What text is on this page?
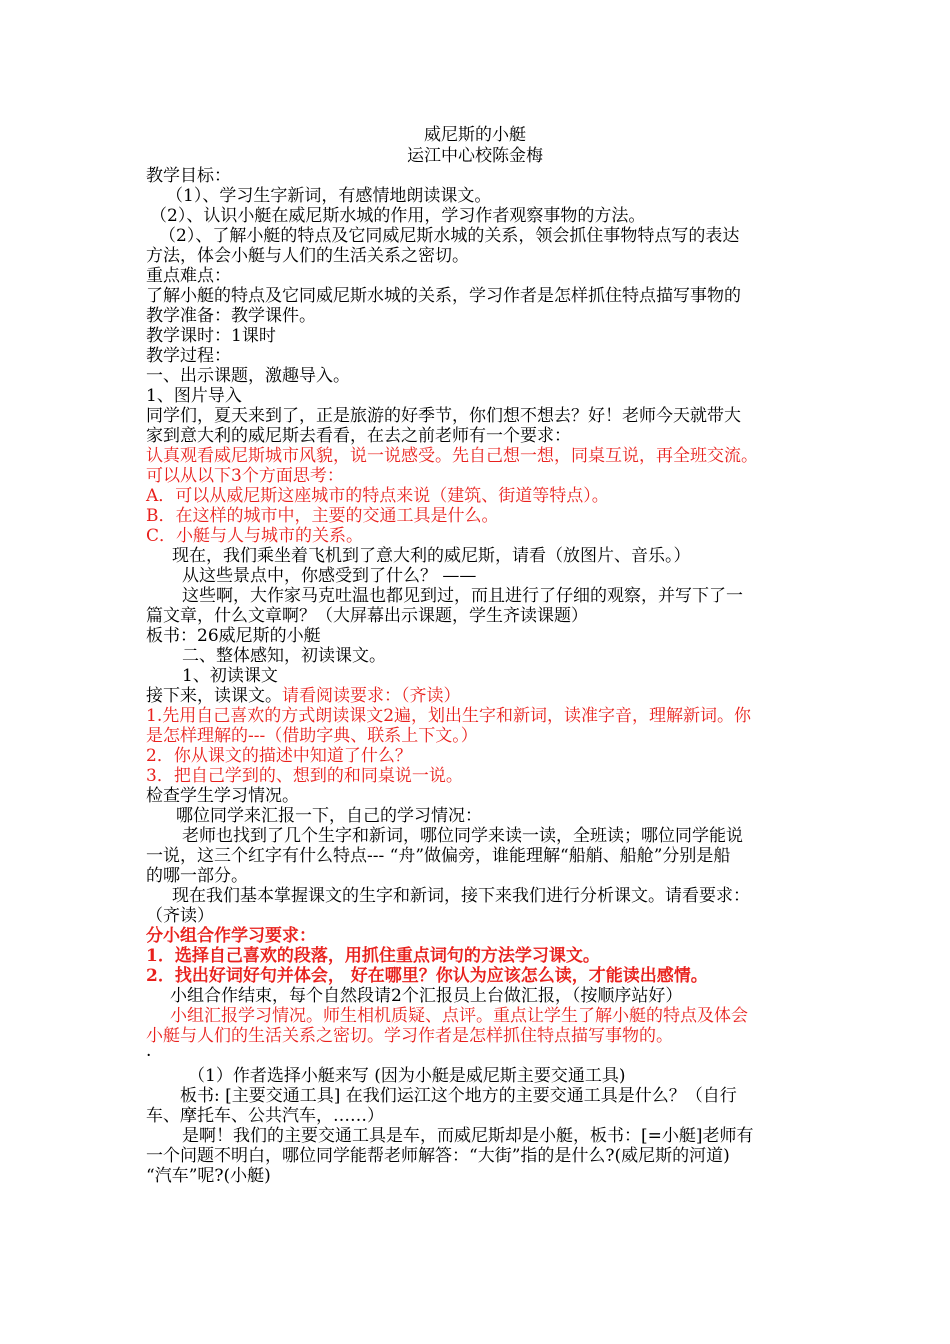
威尼斯的小艇

运江中心校陈金梅

教学目标：

（1）、学习生字新词，有感情地朗读课文。

（2）、认识小艇在威尼斯水城的作用，学习作者观察事物的方法。

（2）、了解小艇的特点及它同威尼斯水城的关系，领会抓住事物特点写的表达

方法，体会小艇与人们的生活关系之密切。

重点难点：

了解小艇的特点及它同威尼斯水城的关系，学习作者是怎样抓住特点描写事物的

教学准备：教学课件。

教学课时：1课时

教学过程：

一、出示课题，激趣导入。

1、图片导入

同学们，夏天来到了，正是旅游的好季节，你们想不想去？好！老师今天就带大

家到意大利的威尼斯去看看，在去之前老师有一个要求：

认真观看威尼斯城市风貌，说一说感受。先自己想一想，同桌互说，再全班交流。

可以从以下3个方面思考：

A．可以从威尼斯这座城市的特点来说（建筑、街道等特点）。

B．在这样的城市中，主要的交通工具是什么。

C．小艇与人与城市的关系。

现在，我们乘坐着飞机到了意大利的威尼斯，请看（放图片、音乐。）

从这些景点中，你感受到了什么？ ——

这些啊，大作家马克吐温也都见到过，而且进行了仔细的观察，并写下了一

篇文章，什么文章啊？（大屏幕出示课题，学生齐读课题）

板书：26威尼斯的小艇

二、整体感知，初读课文。

1、初读课文

接下来，读课文。请看阅读要求：（齐读）

1.先用自己喜欢的方式朗读课文2遍，划出生字和新词，读准字音，理解新词。你

是怎样理解的---（借助字典、联系上下文。）

2．你从课文的描述中知道了什么？

3．把自己学到的、想到的和同桌说一说。

检查学生学习情况。

哪位同学来汇报一下，自己的学习情况：

老师也找到了几个生字和新词，哪位同学来读一读，全班读；哪位同学能说

一说，这三个红字有什么特点--- “舟”做偏旁，谁能理解“船艄、船舱”分别是船

的哪一部分。

现在我们基本掌握课文的生字和新词，接下来我们进行分析课文。请看要求：

（齐读）

分小组合作学习要求：

1．选择自己喜欢的段落，用抓住重点词句的方法学习课文。

2．找出好词好句并体会， 好在哪里？你认为应该怎么读，才能读出感情。

小组合作结束，每个自然段请2个汇报员上台做汇报，（按顺序站好）

小组汇报学习情况。师生相机质疑、点评。重点让学生了解小艇的特点及体会

小艇与人们的生活关系之密切。学习作者是怎样抓住特点描写事物的。

·

（1）作者选择小艇来写 (因为小艇是威尼斯主要交通工具)

板书: [主要交通工具] 在我们运江这个地方的主要交通工具是什么？（自行

车、摩托车、公共汽车，……）

是啊！我们的主要交通工具是车，而威尼斯却是小艇，板书：[=小艇]老师有

一个问题不明白，哪位同学能帮老师解答：“大街”指的是什么?(威尼斯的河道)

“汽车”呢?(小艇)
